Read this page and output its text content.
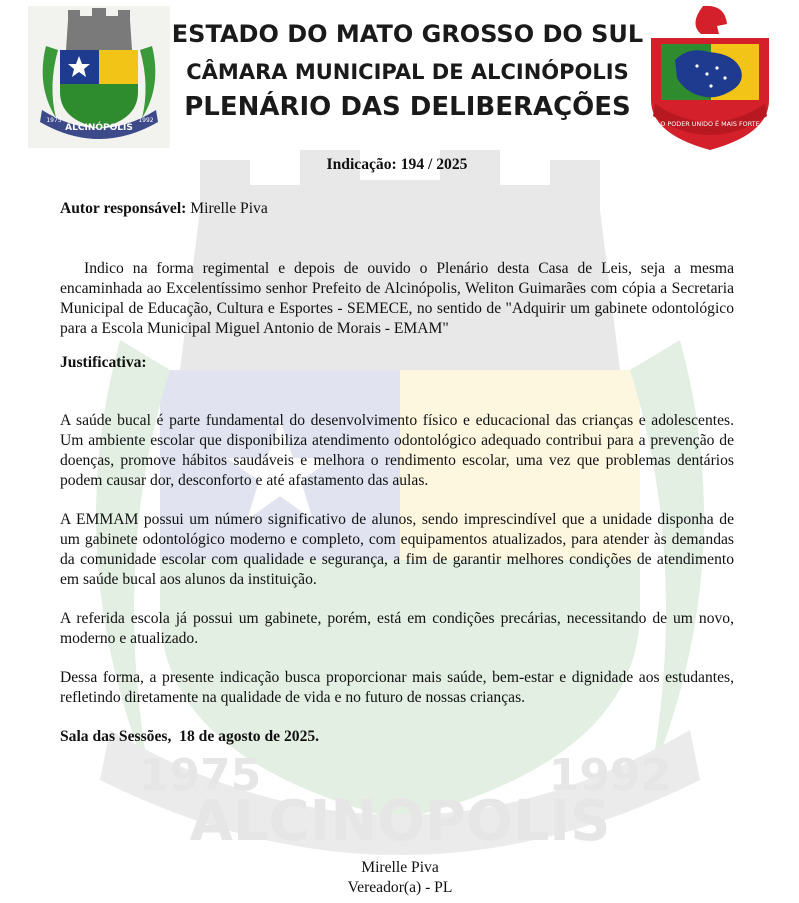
ALCINOPOLIS
1975	1992
ALCINÓPOLIS
1975	1992
ESTADO DO MATO GROSSO DO SUL
CÂMARA MUNICIPAL DE ALCINÓPOLIS
PLENÁRIO DAS DELIBERAÇÕES
O PODER UNIDO É MAIS FORTE

Indicação: 194 / 2025

Autor responsável: Mirelle Piva

Indico na forma regimental e depois de ouvido o Plenário desta Casa de Leis, seja a mesma encaminhada ao Excelentíssimo senhor Prefeito de Alcinópolis, Weliton Guimarães com cópia a Secretaria Municipal de Educação, Cultura e Esportes - SEMECE, no sentido de "Adquirir um gabinete odontológico para a Escola Municipal Miguel Antonio de Morais - EMAM"

Justificativa:

A saúde bucal é parte fundamental do desenvolvimento físico e educacional das crianças e adolescentes. Um ambiente escolar que disponibiliza atendimento odontológico adequado contribui para a prevenção de doenças, promove hábitos saudáveis e melhora o rendimento escolar, uma vez que problemas dentários podem causar dor, desconforto e até afastamento das aulas.

A EMMAM possui um número significativo de alunos, sendo imprescindível que a unidade disponha de um gabinete odontológico moderno e completo, com equipamentos atualizados, para atender às demandas da comunidade escolar com qualidade e segurança, a fim de garantir melhores condições de atendimento em saúde bucal aos alunos da instituição.

A referida escola já possui um gabinete, porém, está em condições precárias, necessitando de um novo, moderno e atualizado.

Dessa forma, a presente indicação busca proporcionar mais saúde, bem-estar e dignidade aos estudantes, refletindo diretamente na qualidade de vida e no futuro de nossas crianças.

Sala das Sessões, 18 de agosto de 2025.

Mirelle Piva
Vereador(a) - PL
